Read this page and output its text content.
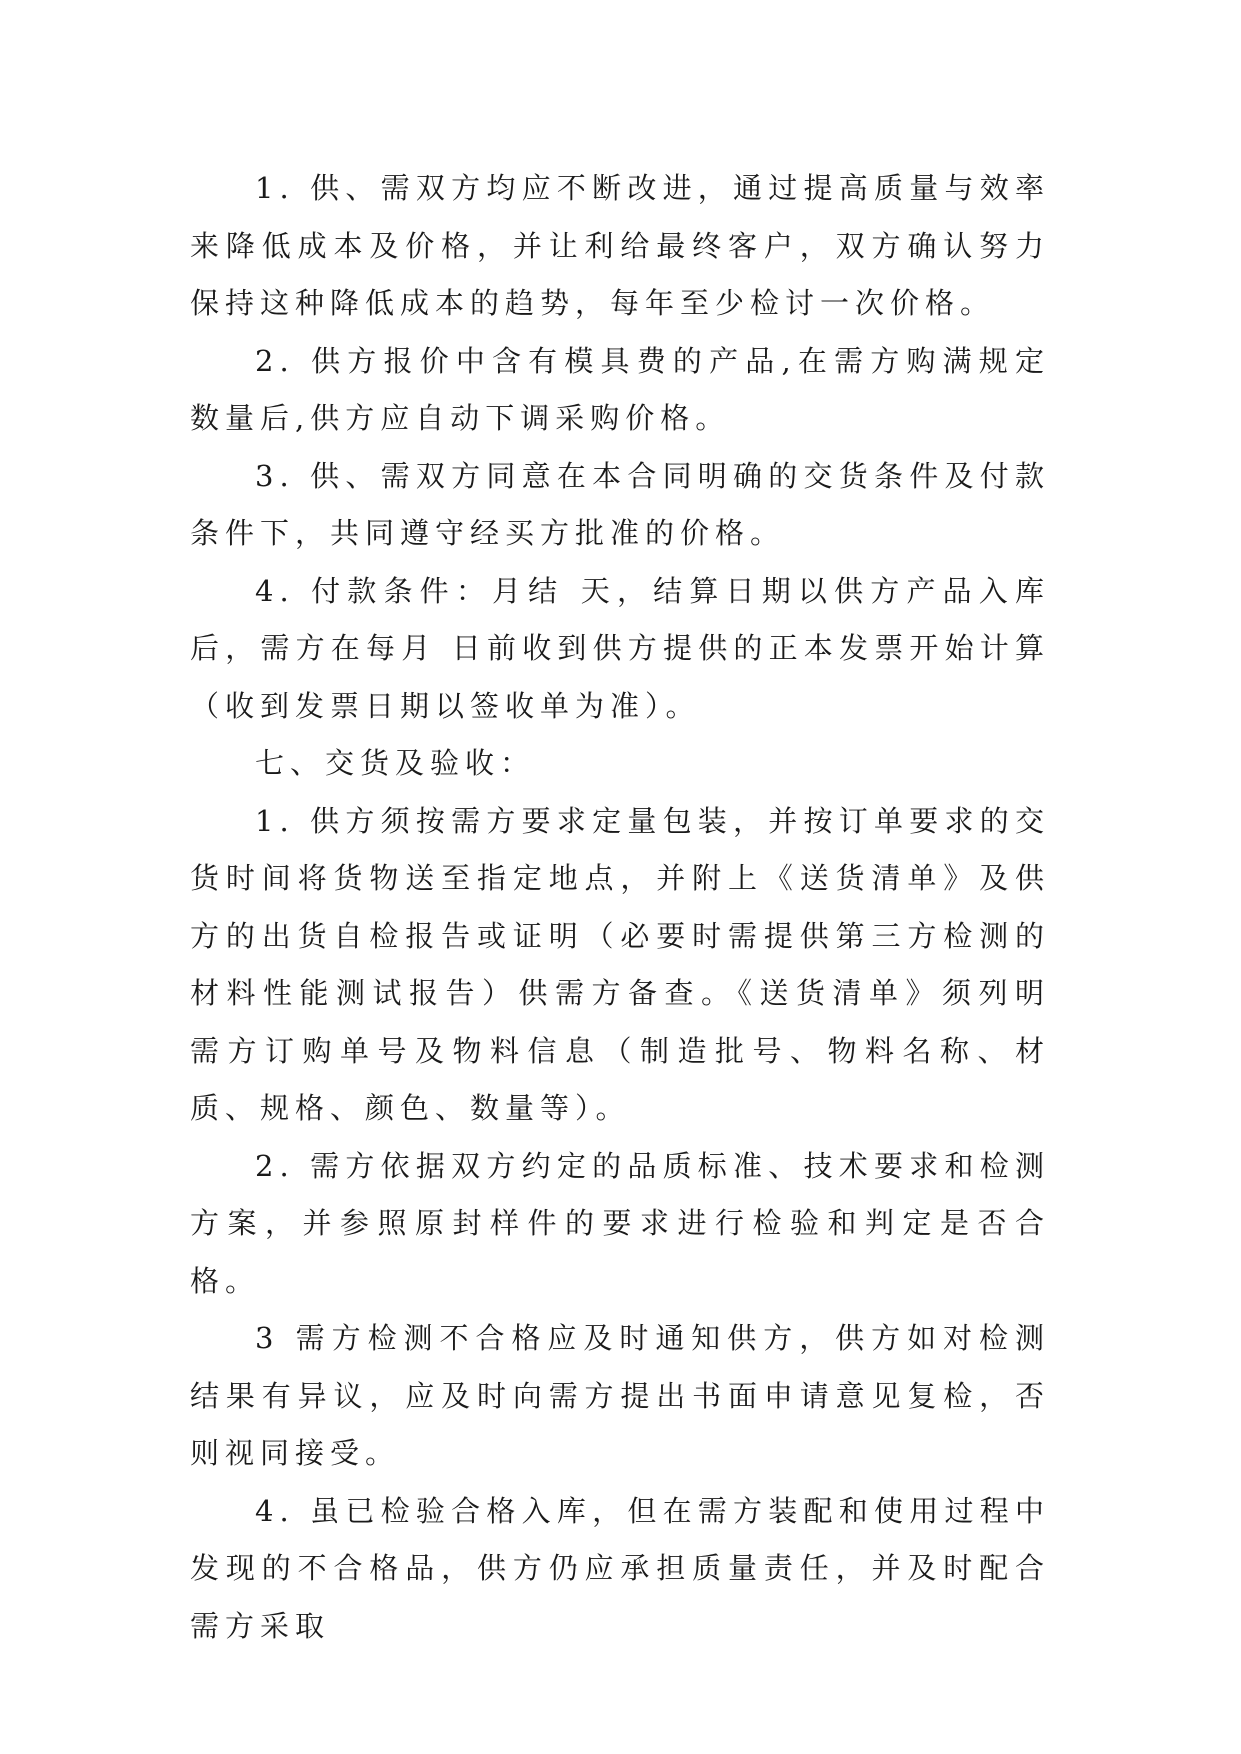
1. 供、需双方均应不断改进，通过提高质量与效率来降低成本及价格，并让利给最终客户，双方确认努力保持这种降低成本的趋势，每年至少检讨一次价格。

2. 供方报价中含有模具费的产品,在需方购满规定数量后,供方应自动下调采购价格。

3. 供、需双方同意在本合同明确的交货条件及付款条件下，共同遵守经买方批准的价格。

4. 付款条件：月结 天，结算日期以供方产品入库后，需方在每月 日前收到供方提供的正本发票开始计算（收到发票日期以签收单为准）。

七、交货及验收：

1. 供方须按需方要求定量包装，并按订单要求的交货时间将货物送至指定地点，并附上《送货清单》及供方的出货自检报告或证明（必要时需提供第三方检测的材料性能测试报告）供需方备查。《送货清单》须列明需方订购单号及物料信息（制造批号、物料名称、材质、规格、颜色、数量等）。

2. 需方依据双方约定的品质标准、技术要求和检测方案，并参照原封样件的要求进行检验和判定是否合格。

3 需方检测不合格应及时通知供方，供方如对检测结果有异议，应及时向需方提出书面申请意见复检，否则视同接受。

4. 虽已检验合格入库，但在需方装配和使用过程中发现的不合格品，供方仍应承担质量责任，并及时配合需方采取
